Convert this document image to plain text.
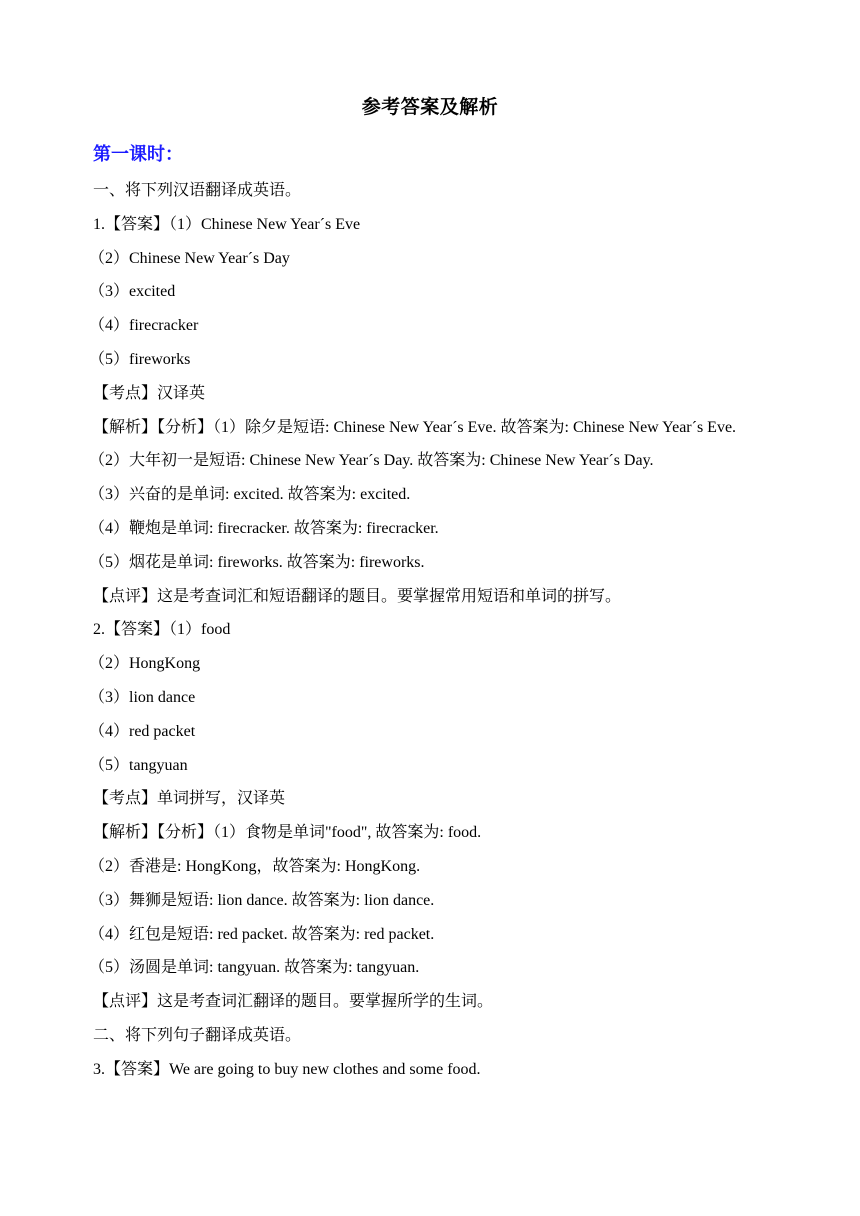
参考答案及解析
第一课时：
一、将下列汉语翻译成英语。
1.【答案】（1）Chinese New Year´s Eve
（2）Chinese New Year´s Day
（3）excited
（4）firecracker
（5）fireworks
【考点】汉译英
【解析】【分析】（1）除夕是短语: Chinese New Year´s Eve. 故答案为: Chinese New Year´s Eve.
（2）大年初一是短语: Chinese New Year´s Day. 故答案为: Chinese New Year´s Day.
（3）兴奋的是单词: excited. 故答案为: excited.
（4）鞭炮是单词: firecracker. 故答案为: firecracker.
（5）烟花是单词: fireworks. 故答案为: fireworks.
【点评】这是考查词汇和短语翻译的题目。要掌握常用短语和单词的拼写。
2.【答案】（1）food
（2）HongKong
（3）lion dance
（4）red packet
（5）tangyuan
【考点】单词拼写，汉译英
【解析】【分析】（1）食物是单词"food", 故答案为: food.
（2）香港是: HongKong，故答案为: HongKong.
（3）舞狮是短语: lion dance. 故答案为: lion dance.
（4）红包是短语: red packet. 故答案为: red packet.
（5）汤圆是单词: tangyuan. 故答案为: tangyuan.
【点评】这是考查词汇翻译的题目。要掌握所学的生词。
二、将下列句子翻译成英语。
3.【答案】We are going to buy new clothes and some food.
